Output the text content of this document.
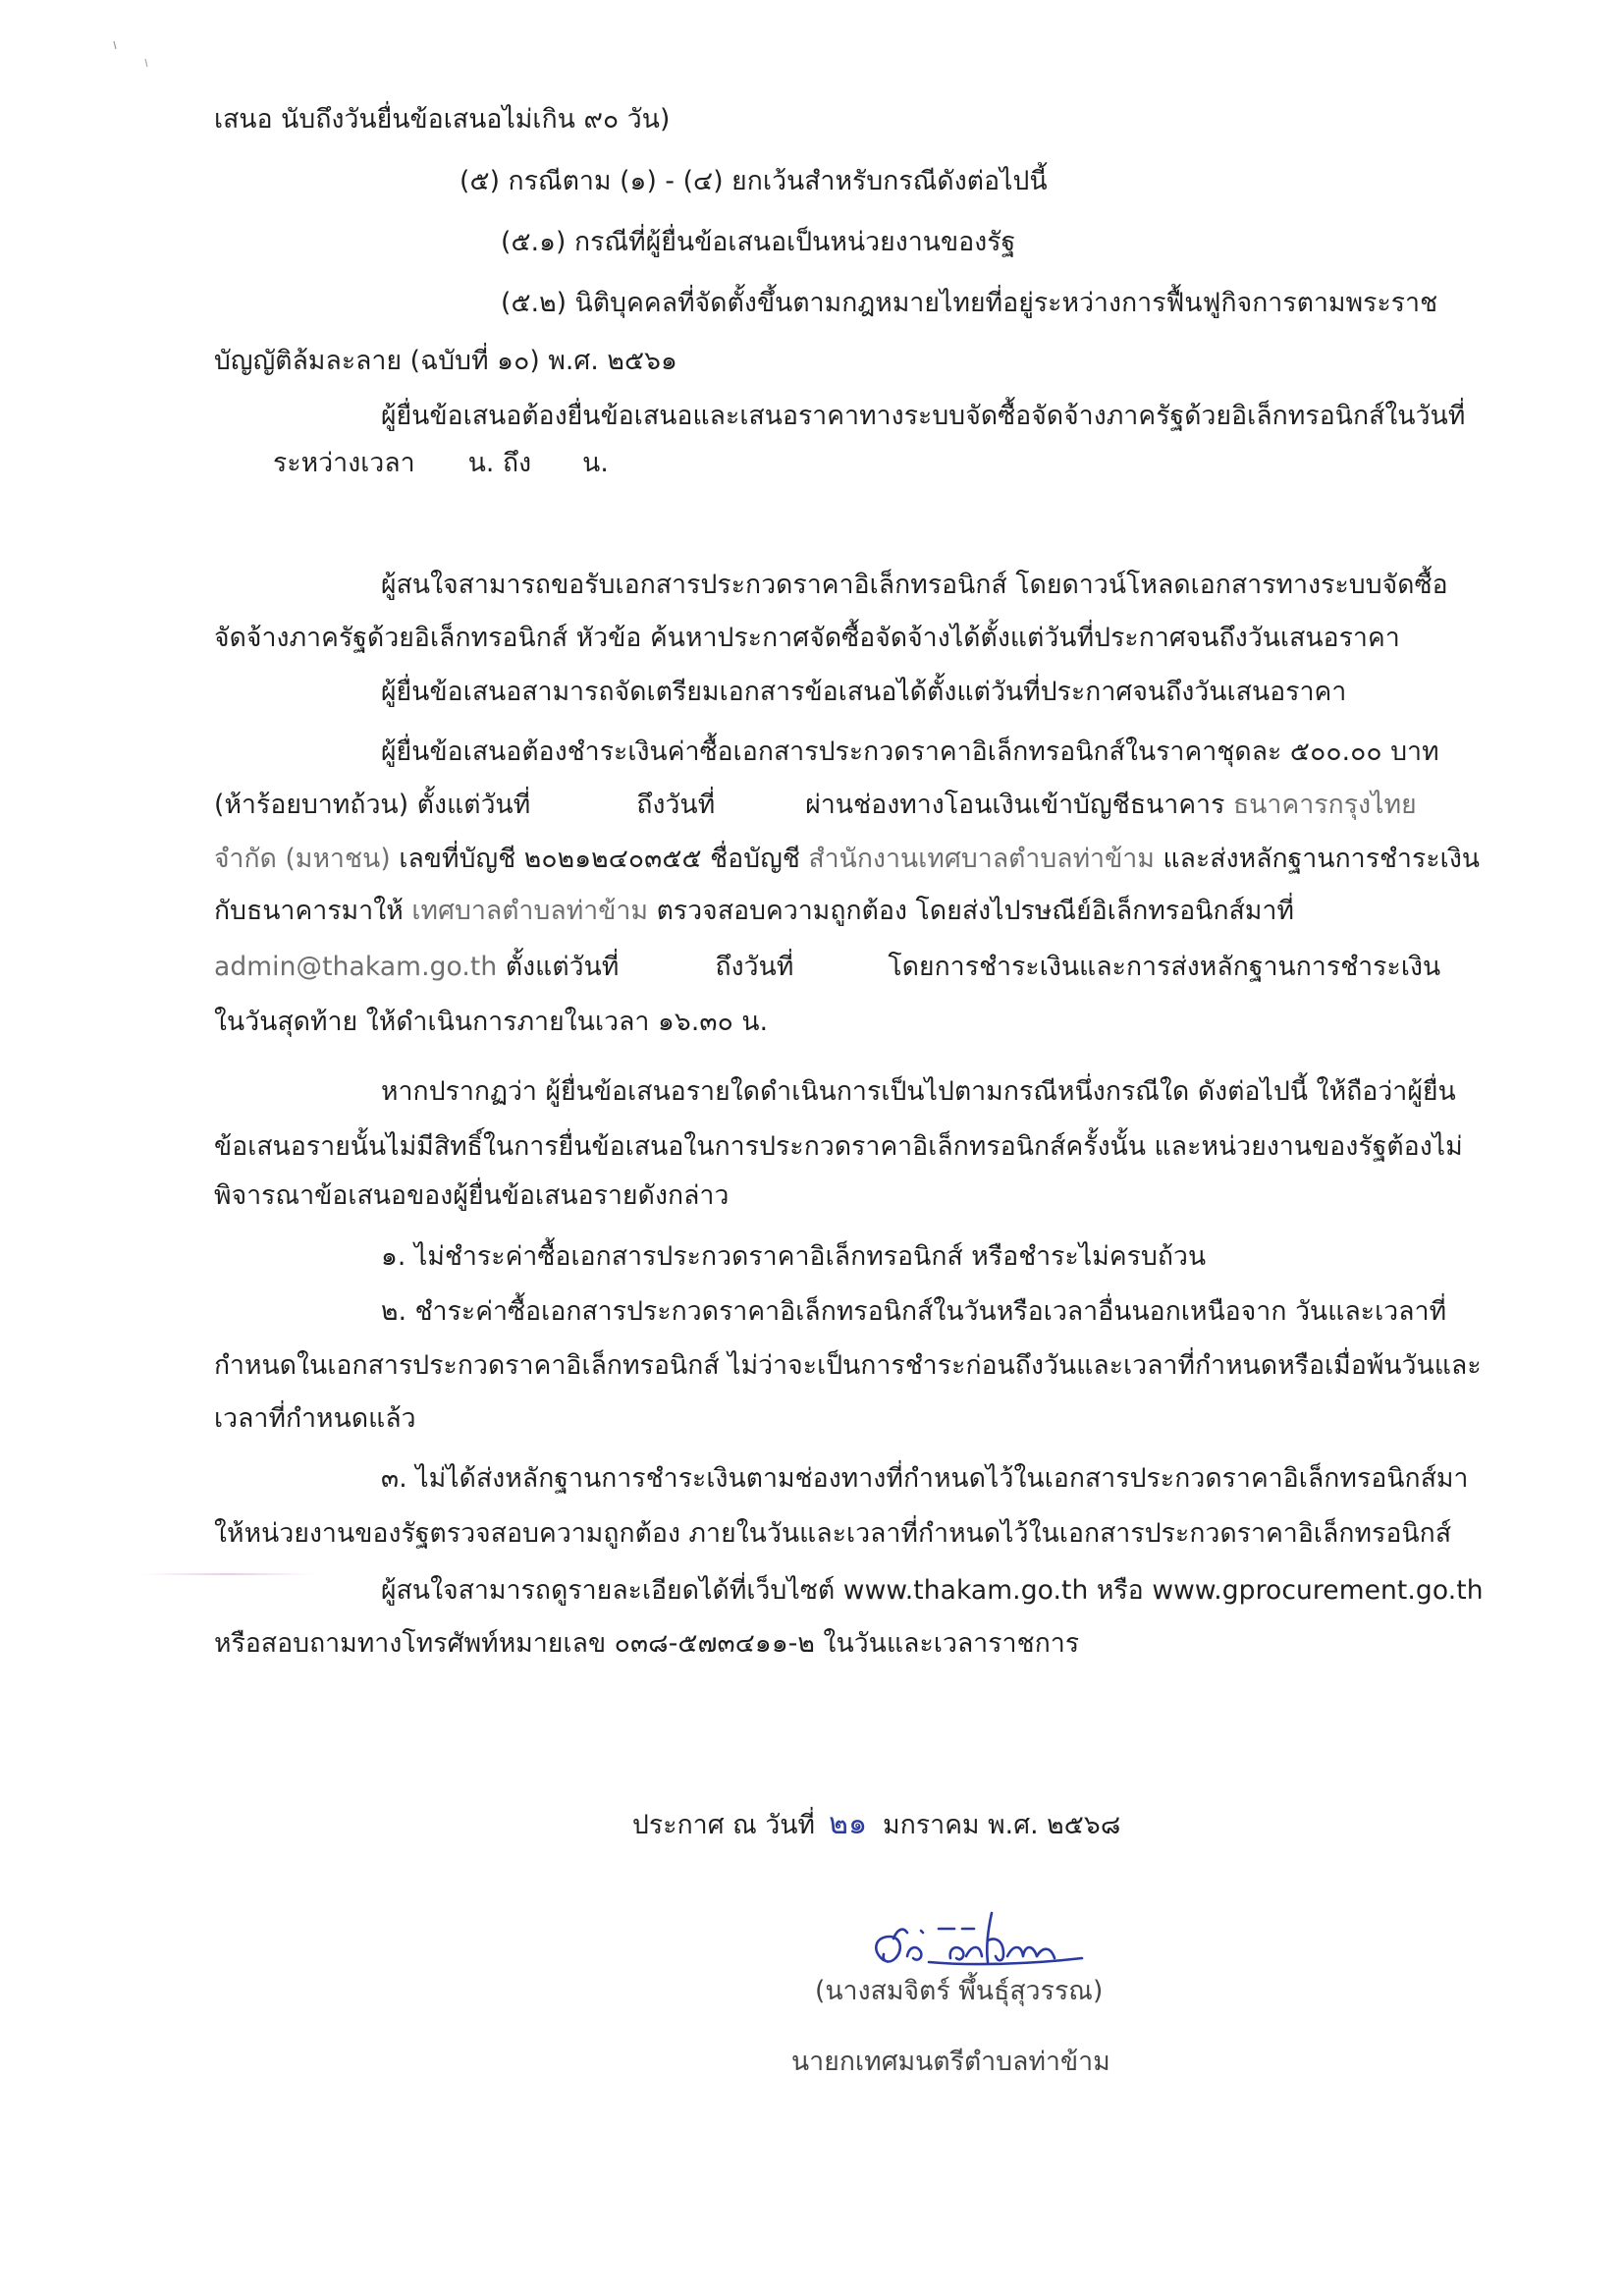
เสนอ นับถึงวันยื่นข้อเสนอไม่เกิน ๙๐ วัน)
(๕) กรณีตาม (๑) - (๔) ยกเว้นสำหรับกรณีดังต่อไปนี้
(๕.๑) กรณีที่ผู้ยื่นข้อเสนอเป็นหน่วยงานของรัฐ
(๕.๒) นิติบุคคลที่จัดตั้งขึ้นตามกฎหมายไทยที่อยู่ระหว่างการฟื้นฟูกิจการตามพระราช
บัญญัติล้มละลาย (ฉบับที่ ๑๐) พ.ศ. ๒๕๖๑
ผู้ยื่นข้อเสนอต้องยื่นข้อเสนอและเสนอราคาทางระบบจัดซื้อจัดจ้างภาครัฐด้วยอิเล็กทรอนิกส์ในวันที่
ระหว่างเวลา น. ถึง น.
ผู้สนใจสามารถขอรับเอกสารประกวดราคาอิเล็กทรอนิกส์ โดยดาวน์โหลดเอกสารทางระบบจัดซื้อ
จัดจ้างภาครัฐด้วยอิเล็กทรอนิกส์ หัวข้อ ค้นหาประกาศจัดซื้อจัดจ้างได้ตั้งแต่วันที่ประกาศจนถึงวันเสนอราคา
ผู้ยื่นข้อเสนอสามารถจัดเตรียมเอกสารข้อเสนอได้ตั้งแต่วันที่ประกาศจนถึงวันเสนอราคา
ผู้ยื่นข้อเสนอต้องชำระเงินค่าซื้อเอกสารประกวดราคาอิเล็กทรอนิกส์ในราคาชุดละ ๕๐๐.๐๐ บาท
(ห้าร้อยบาทถ้วน) ตั้งแต่วันที่	ถึงวันที่	ผ่านช่องทางโอนเงินเข้าบัญชีธนาคาร ธนาคารกรุงไทย
จำกัด (มหาชน) เลขที่บัญชี ๒๐๒๑๒๔๐๓๕๕ ชื่อบัญชี สำนักงานเทศบาลตำบลท่าข้าม และส่งหลักฐานการชำระเงิน
กับธนาคารมาให้ เทศบาลตำบลท่าข้าม ตรวจสอบความถูกต้อง โดยส่งไปรษณีย์อิเล็กทรอนิกส์มาที่
admin@thakam.go.th ตั้งแต่วันที่	ถึงวันที่	โดยการชำระเงินและการส่งหลักฐานการชำระเงิน
ในวันสุดท้าย ให้ดำเนินการภายในเวลา ๑๖.๓๐ น.
หากปรากฏว่า ผู้ยื่นข้อเสนอรายใดดำเนินการเป็นไปตามกรณีหนึ่งกรณีใด ดังต่อไปนี้ ให้ถือว่าผู้ยื่น
ข้อเสนอรายนั้นไม่มีสิทธิ์ในการยื่นข้อเสนอในการประกวดราคาอิเล็กทรอนิกส์ครั้งนั้น และหน่วยงานของรัฐต้องไม่
พิจารณาข้อเสนอของผู้ยื่นข้อเสนอรายดังกล่าว
๑. ไม่ชำระค่าซื้อเอกสารประกวดราคาอิเล็กทรอนิกส์ หรือชำระไม่ครบถ้วน
๒. ชำระค่าซื้อเอกสารประกวดราคาอิเล็กทรอนิกส์ในวันหรือเวลาอื่นนอกเหนือจาก วันและเวลาที่
กำหนดในเอกสารประกวดราคาอิเล็กทรอนิกส์ ไม่ว่าจะเป็นการชำระก่อนถึงวันและเวลาที่กำหนดหรือเมื่อพ้นวันและ
เวลาที่กำหนดแล้ว
๓. ไม่ได้ส่งหลักฐานการชำระเงินตามช่องทางที่กำหนดไว้ในเอกสารประกวดราคาอิเล็กทรอนิกส์มา
ให้หน่วยงานของรัฐตรวจสอบความถูกต้อง ภายในวันและเวลาที่กำหนดไว้ในเอกสารประกวดราคาอิเล็กทรอนิกส์
ผู้สนใจสามารถดูรายละเอียดได้ที่เว็บไซต์ www.thakam.go.th หรือ www.gprocurement.go.th
หรือสอบถามทางโทรศัพท์หมายเลข ๐๓๘-๕๗๓๔๑๑-๒ ในวันและเวลาราชการ
ประกาศ ณ วันที่ ๒๑ มกราคม พ.ศ. ๒๕๖๘
(นางสมจิตร์ พึ้นธุ์สุวรรณ)
นายกเทศมนตรีตำบลท่าข้าม
